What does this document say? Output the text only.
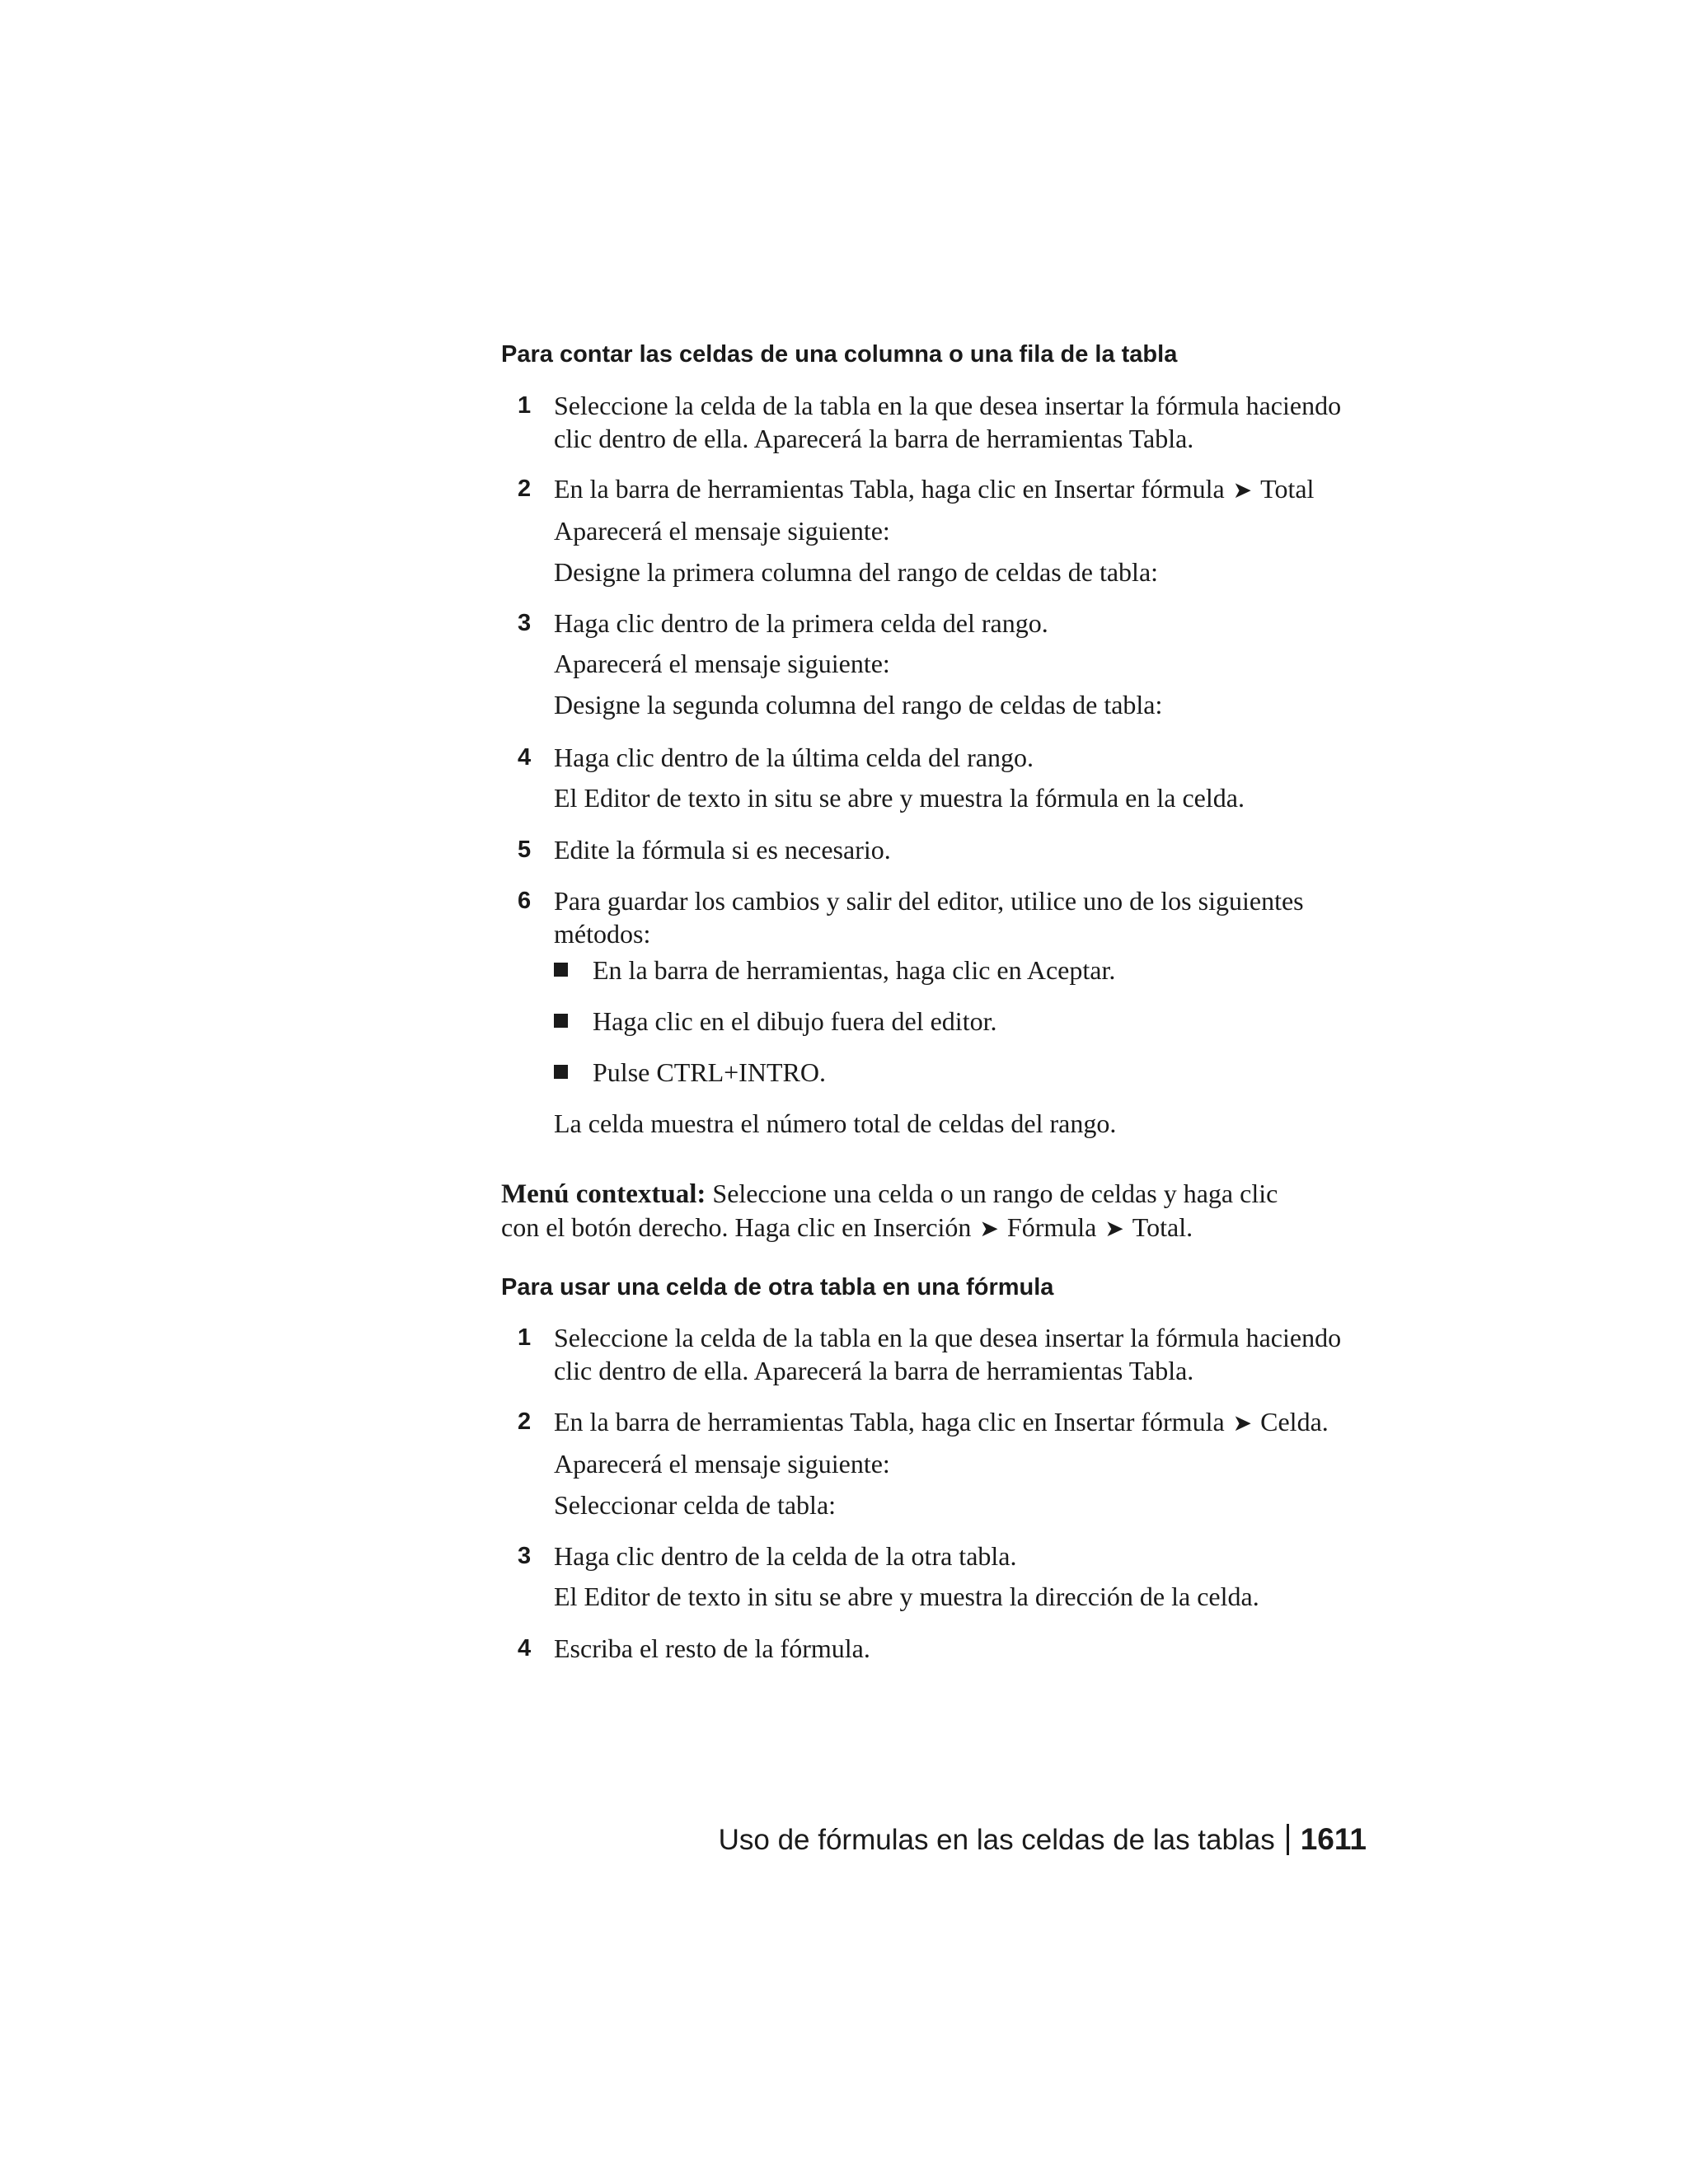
Para contar las celdas de una columna o una fila de la tabla

1 Seleccione la celda de la tabla en la que desea insertar la fórmula haciendo

clic dentro de ella. Aparecerá la barra de herramientas Tabla.

2 En la barra de herramientas Tabla, haga clic en Insertar fórmula ➤ Total

Aparecerá el mensaje siguiente:

Designe la primera columna del rango de celdas de tabla:

3 Haga clic dentro de la primera celda del rango.

Aparecerá el mensaje siguiente:

Designe la segunda columna del rango de celdas de tabla:

4 Haga clic dentro de la última celda del rango.

El Editor de texto in situ se abre y muestra la fórmula en la celda.

5 Edite la fórmula si es necesario.

6 Para guardar los cambios y salir del editor, utilice uno de los siguientes

métodos:

En la barra de herramientas, haga clic en Aceptar.
Haga clic en el dibujo fuera del editor.
Pulse CTRL+INTRO.

La celda muestra el número total de celdas del rango.

Menú contextual: Seleccione una celda o un rango de celdas y haga clic

con el botón derecho. Haga clic en Inserción ➤ Fórmula ➤ Total.

Para usar una celda de otra tabla en una fórmula

1 Seleccione la celda de la tabla en la que desea insertar la fórmula haciendo

clic dentro de ella. Aparecerá la barra de herramientas Tabla.

2 En la barra de herramientas Tabla, haga clic en Insertar fórmula ➤ Celda.

Aparecerá el mensaje siguiente:

Seleccionar celda de tabla:

3 Haga clic dentro de la celda de la otra tabla.

El Editor de texto in situ se abre y muestra la dirección de la celda.

4 Escriba el resto de la fórmula.

Uso de fórmulas en las celdas de las tablas 1611
